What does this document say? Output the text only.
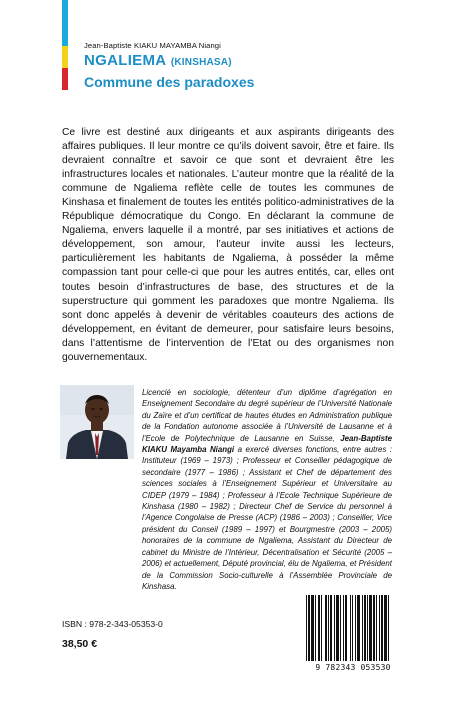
Jean-Baptiste KIAKU MAYAMBA Niangi
NGALIEMA (KINSHASA)
Commune des paradoxes

Ce livre est destiné aux dirigeants et aux aspirants dirigeants des affaires publiques. Il leur montre ce qu’ils doivent savoir, être et faire. Ils devraient connaître et savoir ce que sont et devraient être les infrastructures locales et nationales. L’auteur montre que la réalité de la commune de Ngaliema reflète celle de toutes les communes de Kinshasa et finalement de toutes les entités politico-administratives de la République démocratique du Congo. En déclarant la commune de Ngaliema, envers laquelle il a montré, par ses initiatives et actions de développement, son amour, l’auteur invite aussi les lecteurs, particulièrement les habitants de Ngaliema, à posséder la même compassion tant pour celle-ci que pour les autres entités, car, elles ont toutes besoin d’infrastructures de base, des structures et de la superstructure qui gomment les paradoxes que montre Ngaliema. Ils sont donc appelés à devenir de véritables coauteurs des actions de développement, en évitant de demeurer, pour satisfaire leurs besoins, dans l’attentisme de l’intervention de l’Etat ou des organismes non gouvernementaux.

Licencié en sociologie, détenteur d’un diplôme d’agrégation en Enseignement Secondaire du degré supérieur de l’Université Nationale du Zaïre et d’un certificat de hautes études en Administration publique de la Fondation autonome associée à l’Université de Lausanne et à l’Ecole de Polytechnique de Lausanne en Suisse, Jean-Baptiste KIAKU Mayamba Niangi a exercé diverses fonctions, entre autres : Instituteur (1969 – 1973) ; Professeur et Conseiller pédagogique de secondaire (1977 – 1986) ; Assistant et Chef de département des sciences sociales à l’Enseignement Supérieur et Universitaire au CIDEP (1979 – 1984) ; Professeur à l’Ecole Technique Supérieure de Kinshasa (1980 – 1982) ; Directeur Chef de Service du personnel à l’Agence Congolaise de Presse (ACP) (1986 – 2003) ; Conseiller, Vice président du Conseil (1989 – 1997) et Bourgmestre (2003 – 2005) honoraires de la commune de Ngaliema, Assistant du Directeur de cabinet du Ministre de l’Intérieur, Décentralisation et Sécurité (2005 – 2006) et actuellement, Député provincial, élu de Ngaliema, et Président de la Commission Socio-culturelle à l’Assemblée Provinciale de Kinshasa.

ISBN : 978-2-343-05353-0
38,50 €
9 782343 053530
